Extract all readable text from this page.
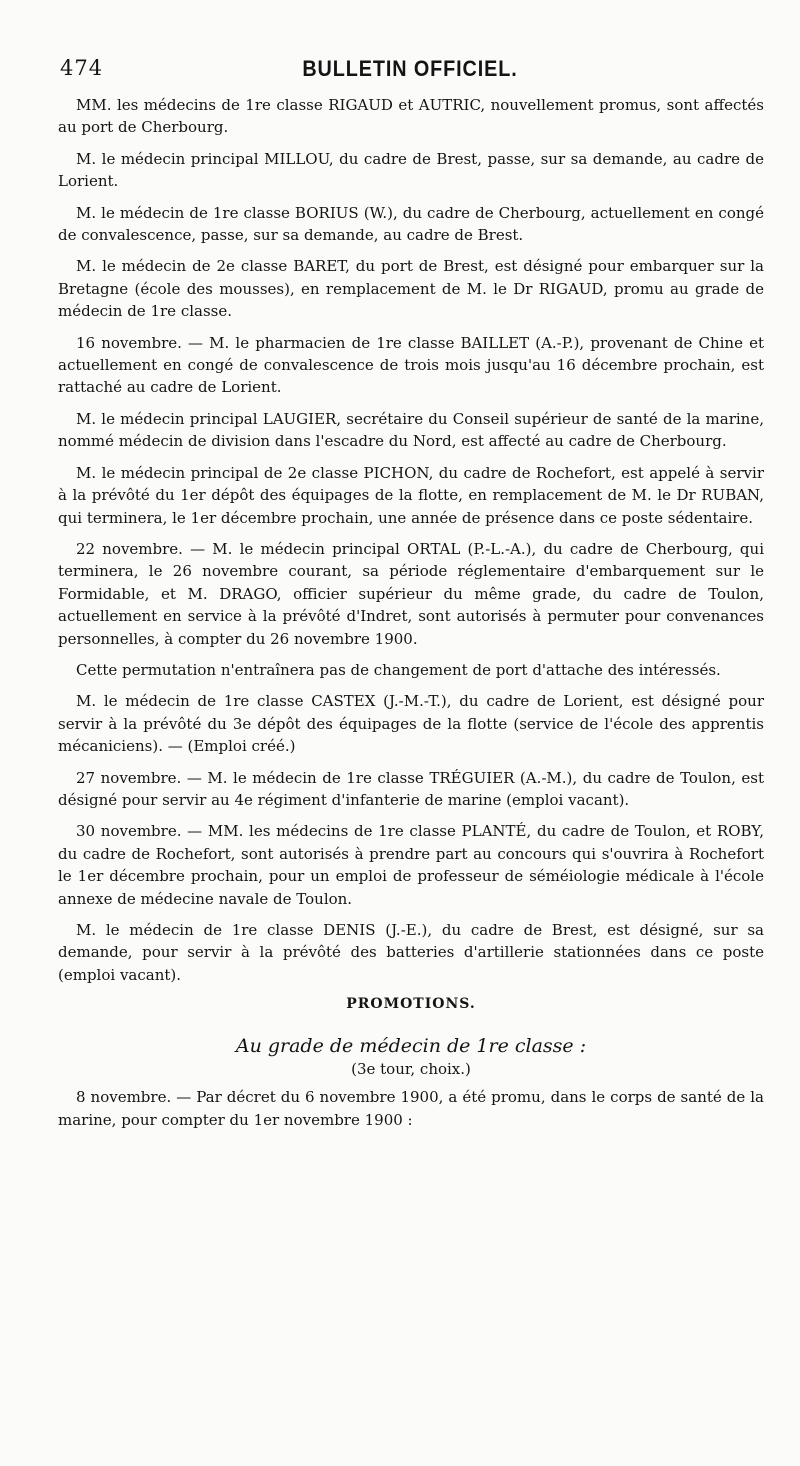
474	BULLETIN OFFICIEL.

MM. les médecins de 1re classe RIGAUD et AUTRIC, nouvellement promus, sont affectés au port de Cherbourg.

M. le médecin principal MILLOU, du cadre de Brest, passe, sur sa demande, au cadre de Lorient.

M. le médecin de 1re classe BORIUS (W.), du cadre de Cherbourg, actuellement en congé de convalescence, passe, sur sa demande, au cadre de Brest.

M. le médecin de 2e classe BARET, du port de Brest, est désigné pour embarquer sur la Bretagne (école des mousses), en remplacement de M. le Dr RIGAUD, promu au grade de médecin de 1re classe.

16 novembre. — M. le pharmacien de 1re classe BAILLET (A.-P.), provenant de Chine et actuellement en congé de convalescence de trois mois jusqu'au 16 décembre prochain, est rattaché au cadre de Lorient.

M. le médecin principal LAUGIER, secrétaire du Conseil supérieur de santé de la marine, nommé médecin de division dans l'escadre du Nord, est affecté au cadre de Cherbourg.

M. le médecin principal de 2e classe PICHON, du cadre de Rochefort, est appelé à servir à la prévôté du 1er dépôt des équipages de la flotte, en remplacement de M. le Dr RUBAN, qui terminera, le 1er décembre prochain, une année de présence dans ce poste sédentaire.

22 novembre. — M. le médecin principal ORTAL (P.-L.-A.), du cadre de Cherbourg, qui terminera, le 26 novembre courant, sa période réglementaire d'embarquement sur le Formidable, et M. DRAGO, officier supérieur du même grade, du cadre de Toulon, actuellement en service à la prévôté d'Indret, sont autorisés à permuter pour convenances personnelles, à compter du 26 novembre 1900.

Cette permutation n'entraînera pas de changement de port d'attache des intéressés.

M. le médecin de 1re classe CASTEX (J.-M.-T.), du cadre de Lorient, est désigné pour servir à la prévôté du 3e dépôt des équipages de la flotte (service de l'école des apprentis mécaniciens). — (Emploi créé.)

27 novembre. — M. le médecin de 1re classe TRÉGUIER (A.-M.), du cadre de Toulon, est désigné pour servir au 4e régiment d'infanterie de marine (emploi vacant).

30 novembre. — MM. les médecins de 1re classe PLANTÉ, du cadre de Toulon, et ROBY, du cadre de Rochefort, sont autorisés à prendre part au concours qui s'ouvrira à Rochefort le 1er décembre prochain, pour un emploi de professeur de séméiologie médicale à l'école annexe de médecine navale de Toulon.

M. le médecin de 1re classe DENIS (J.-E.), du cadre de Brest, est désigné, sur sa demande, pour servir à la prévôté des batteries d'artillerie stationnées dans ce poste (emploi vacant).

PROMOTIONS.

Au grade de médecin de 1re classe :

(3e tour, choix.)

8 novembre. — Par décret du 6 novembre 1900, a été promu, dans le corps de santé de la marine, pour compter du 1er novembre 1900 :
